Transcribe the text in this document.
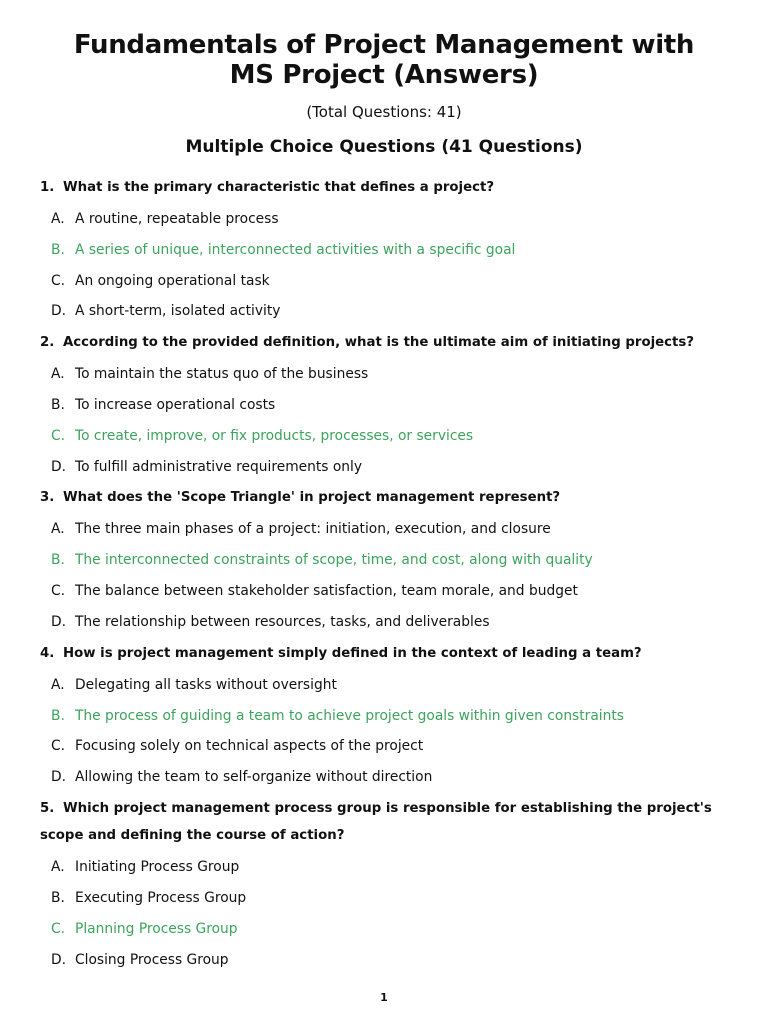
Fundamentals of Project Management with
MS Project (Answers)
(Total Questions: 41)
Multiple Choice Questions (41 Questions)
1. What is the primary characteristic that defines a project?
A. A routine, repeatable process
B. A series of unique, interconnected activities with a specific goal
C. An ongoing operational task
D. A short-term, isolated activity
2. According to the provided definition, what is the ultimate aim of initiating projects?
A. To maintain the status quo of the business
B. To increase operational costs
C. To create, improve, or fix products, processes, or services
D. To fulfill administrative requirements only
3. What does the 'Scope Triangle' in project management represent?
A. The three main phases of a project: initiation, execution, and closure
B. The interconnected constraints of scope, time, and cost, along with quality
C. The balance between stakeholder satisfaction, team morale, and budget
D. The relationship between resources, tasks, and deliverables
4. How is project management simply defined in the context of leading a team?
A. Delegating all tasks without oversight
B. The process of guiding a team to achieve project goals within given constraints
C. Focusing solely on technical aspects of the project
D. Allowing the team to self-organize without direction
5. Which project management process group is responsible for establishing the project's scope and defining the course of action?
A. Initiating Process Group
B. Executing Process Group
C. Planning Process Group
D. Closing Process Group
1
